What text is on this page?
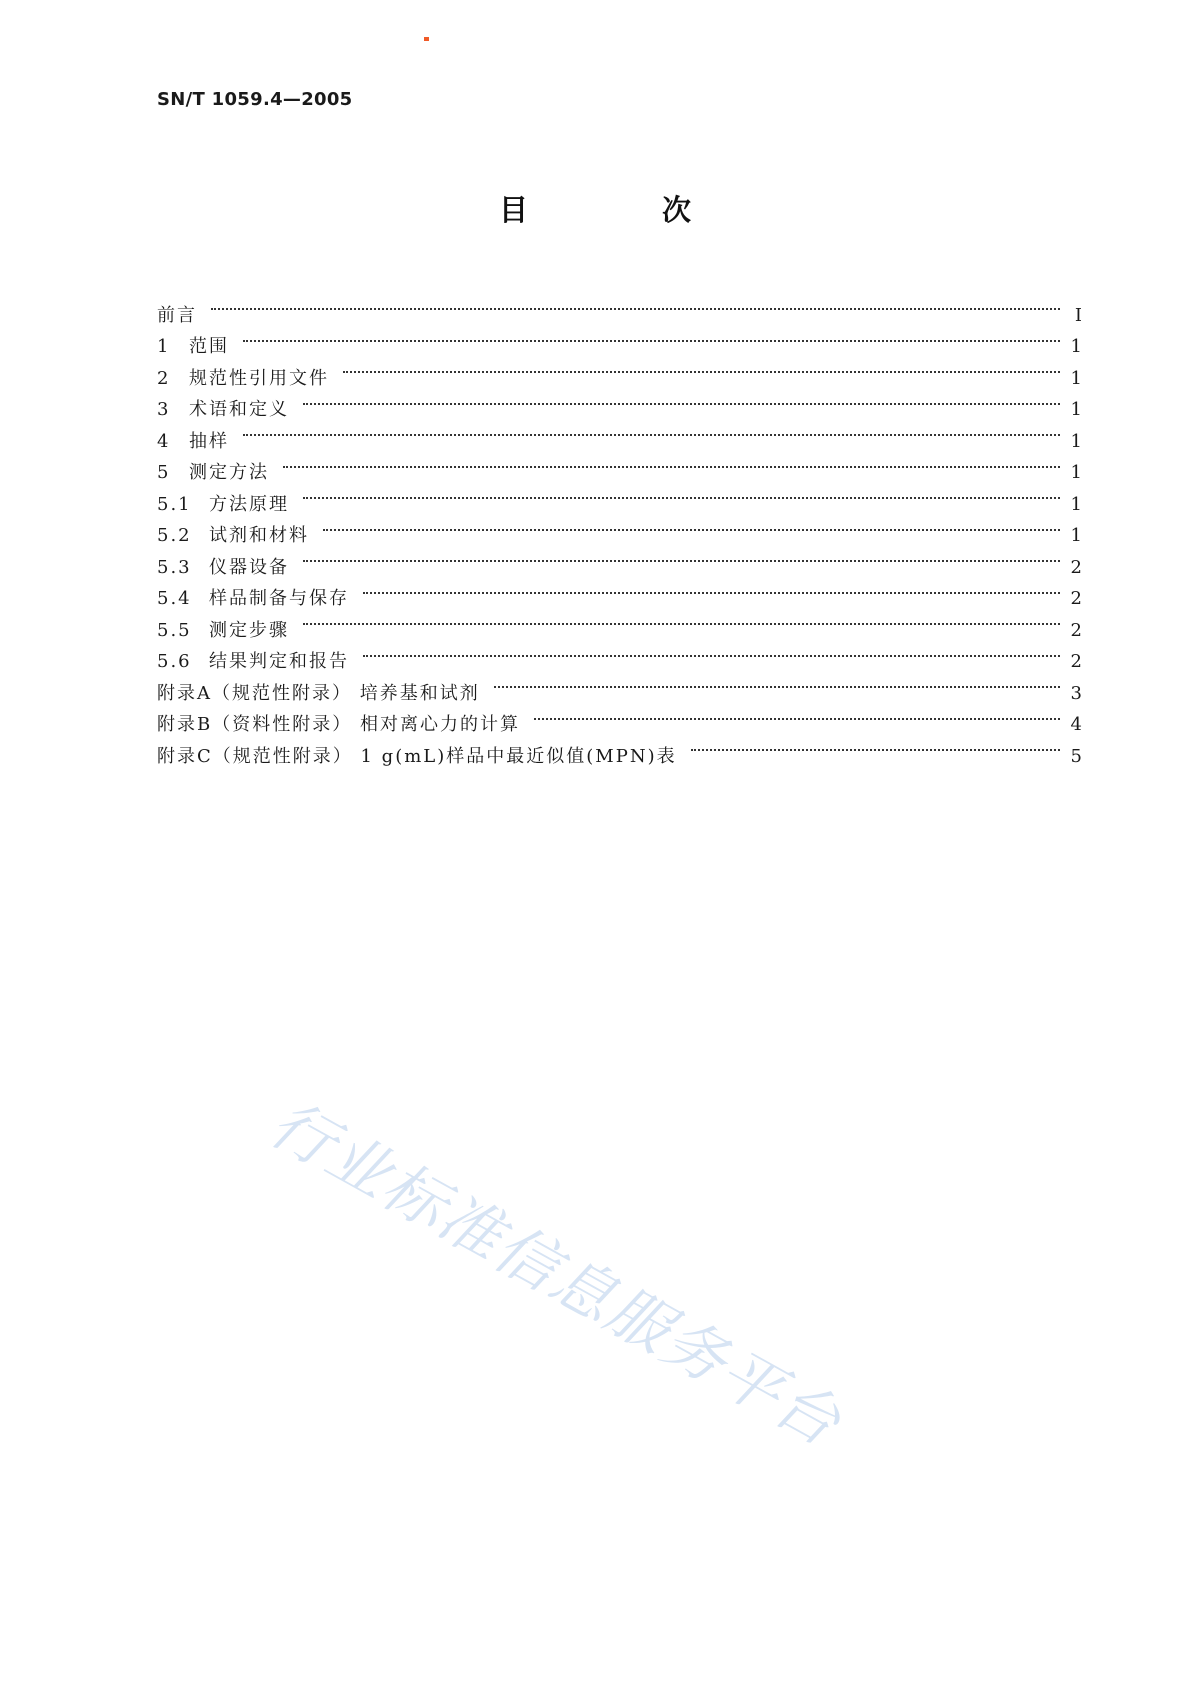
SN/T 1059.4—2005
目 次
前言	I
1	范围	1
2	规范性引用文件	1
3	术语和定义	1
4	抽样	1
5	测定方法	1
5.1 方法原理	1
5.2 试剂和材料	1
5.3 仪器设备	2
5.4 样品制备与保存	2
5.5 测定步骤	2
5.6 结果判定和报告	2
附录A（规范性附录） 培养基和试剂	3
附录B（资料性附录） 相对离心力的计算	4
附录C（规范性附录） 1 g(mL)样品中最近似值(MPN)表	5
行业标准信息服务平台
